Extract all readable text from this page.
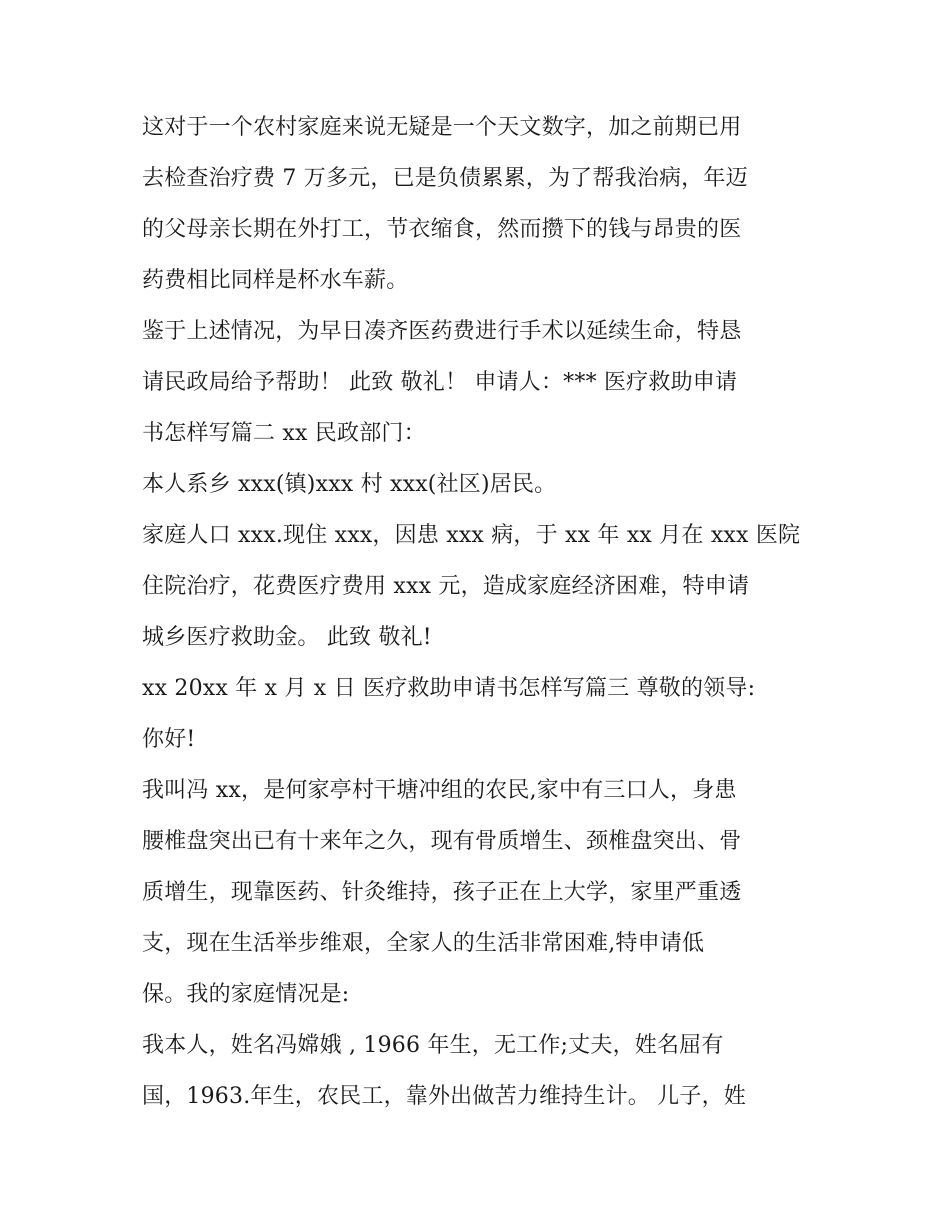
这对于一个农村家庭来说无疑是一个天文数字，加之前期已用
去检查治疗费 7 万多元，已是负债累累，为了帮我治病，年迈
的父母亲长期在外打工，节衣缩食，然而攒下的钱与昂贵的医
药费相比同样是杯水车薪。
鉴于上述情况，为早日凑齐医药费进行手术以延续生命，特恳
请民政局给予帮助！ 此致 敬礼！ 申请人：*** 医疗救助申请
书怎样写篇二 xx 民政部门：
本人系乡 xxx(镇)xxx 村 xxx(社区)居民。
家庭人口 xxx.现住 xxx，因患 xxx 病，于 xx 年 xx 月在 xxx 医院
住院治疗，花费医疗费用 xxx 元，造成家庭经济困难，特申请
城乡医疗救助金。 此致 敬礼!
xx 20xx 年 x 月 x 日 医疗救助申请书怎样写篇三 尊敬的领导:
你好!
我叫冯 xx，是何家亭村干塘冲组的农民,家中有三口人，身患
腰椎盘突出已有十来年之久，现有骨质增生、颈椎盘突出、骨
质增生，现靠医药、针灸维持，孩子正在上大学，家里严重透
支，现在生活举步维艰，全家人的生活非常困难,特申请低
保。我的家庭情况是:
我本人，姓名冯嫦娥 , 1966 年生，无工作;丈夫，姓名屈有
国，1963.年生，农民工，靠外出做苦力维持生计。 儿子，姓
